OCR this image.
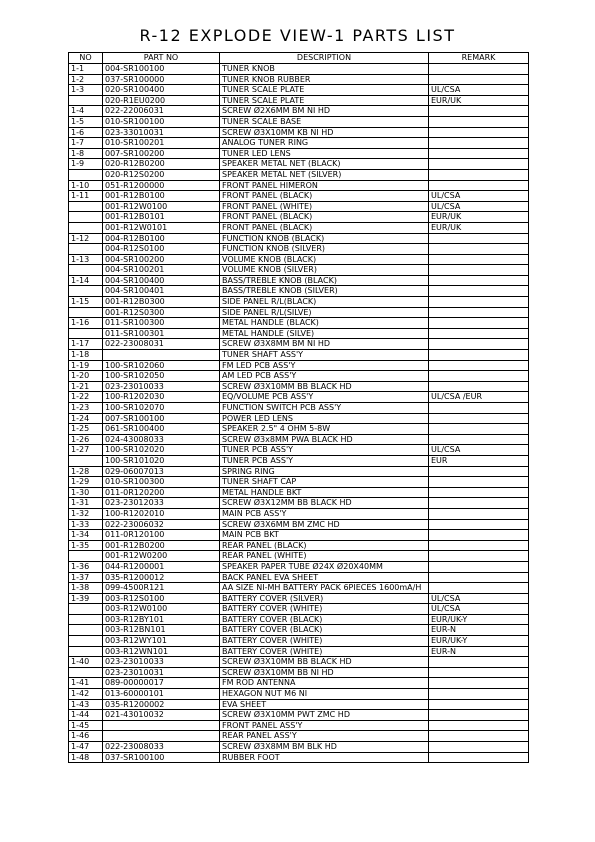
R-12 EXPLODE VIEW-1 PARTS LIST
NO	PART NO	DESCRIPTION	REMARK
1-1	004-SR100100	TUNER KNOB	
1-2	037-SR100000	TUNER KNOB RUBBER	
1-3	020-SR100400	TUNER SCALE PLATE	UL/CSA
	020-R1EU0200	TUNER SCALE PLATE	EUR/UK
1-4	022-22006031	SCREW Ø2X6MM BM NI HD	
1-5	010-SR100100	TUNER SCALE BASE	
1-6	023-33010031	SCREW Ø3X10MM KB NI HD	
1-7	010-SR100201	ANALOG TUNER RING	
1-8	007-SR100200	TUNER LED LENS	
1-9	020-R12B0200	SPEAKER METAL NET (BLACK)	
	020-R12S0200	SPEAKER METAL NET (SILVER)	
1-10	051-R1200000	FRONT PANEL HIMERON	
1-11	001-R12B0100	FRONT PANEL (BLACK)	UL/CSA
	001-R12W0100	FRONT PANEL (WHITE)	UL/CSA
	001-R12B0101	FRONT PANEL (BLACK)	EUR/UK
	001-R12W0101	FRONT PANEL (BLACK)	EUR/UK
1-12	004-R12B0100	FUNCTION KNOB (BLACK)	
	004-R12S0100	FUNCTION KNOB (SILVER)	
1-13	004-SR100200	VOLUME KNOB (BLACK)	
	004-SR100201	VOLUME KNOB (SILVER)	
1-14	004-SR100400	BASS/TREBLE KNOB (BLACK)	
	004-SR100401	BASS/TREBLE KNOB (SILVER)	
1-15	001-R12B0300	SIDE PANEL R/L(BLACK)	
	001-R12S0300	SIDE PANEL R/L(SILVE)	
1-16	011-SR100300	METAL HANDLE (BLACK)	
	011-SR100301	METAL HANDLE (SILVE)	
1-17	022-23008031	SCREW Ø3X8MM BM NI HD	
1-18		TUNER SHAFT ASS'Y	
1-19	100-SR102060	FM LED PCB ASS'Y	
1-20	100-SR102050	AM LED PCB ASS'Y	
1-21	023-23010033	SCREW Ø3X10MM BB BLACK HD	
1-22	100-R1202030	EQ/VOLUME PCB ASS'Y	UL/CSA /EUR
1-23	100-SR102070	FUNCTION SWITCH PCB ASS'Y	
1-24	007-SR100100	POWER LED LENS	
1-25	061-SR100400	SPEAKER 2.5" 4 OHM 5-8W	
1-26	024-43008033	SCREW Ø3x8MM PWA BLACK HD	
1-27	100-SR102020	TUNER PCB ASS'Y	UL/CSA
	100-SR101020	TUNER PCB ASS'Y	EUR
1-28	029-06007013	SPRING RING	
1-29	010-SR100300	TUNER SHAFT CAP	
1-30	011-0R120200	METAL HANDLE BKT	
1-31	023-23012033	SCREW Ø3X12MM BB BLACK HD	
1-32	100-R1202010	MAIN PCB ASS'Y	
1-33	022-23006032	SCREW Ø3X6MM BM ZMC HD	
1-34	011-0R120100	MAIN PCB BKT	
1-35	001-R12B0200	REAR PANEL (BLACK)	
	001-R12W0200	REAR PANEL (WHITE)	
1-36	044-R1200001	SPEAKER PAPER TUBE Ø24X Ø20X40MM	
1-37	035-R1200012	BACK PANEL EVA SHEET	
1-38	099-4500R121	AA SIZE NI-MH BATTERY PACK 6PIECES 1600mA/H	
1-39	003-R12S0100	BATTERY COVER (SILVER)	UL/CSA
	003-R12W0100	BATTERY COVER (WHITE)	UL/CSA
	003-R12BY101	BATTERY COVER (BLACK)	EUR/UK-Y
	003-R12BN101	BATTERY COVER (BLACK)	EUR-N
	003-R12WY101	BATTERY COVER (WHITE)	EUR/UK-Y
	003-R12WN101	BATTERY COVER (WHITE)	EUR-N
1-40	023-23010033	SCREW Ø3X10MM BB BLACK HD	
	023-23010031	SCREW Ø3X10MM BB NI HD	
1-41	089-00000017	FM ROD ANTENNA	
1-42	013-60000101	HEXAGON NUT M6 NI	
1-43	035-R1200002	EVA SHEET	
1-44	021-43010032	SCREW Ø3X10MM PWT ZMC HD	
1-45		FRONT PANEL ASS'Y	
1-46		REAR PANEL ASS'Y	
1-47	022-23008033	SCREW Ø3X8MM BM BLK HD	
1-48	037-SR100100	RUBBER FOOT	
